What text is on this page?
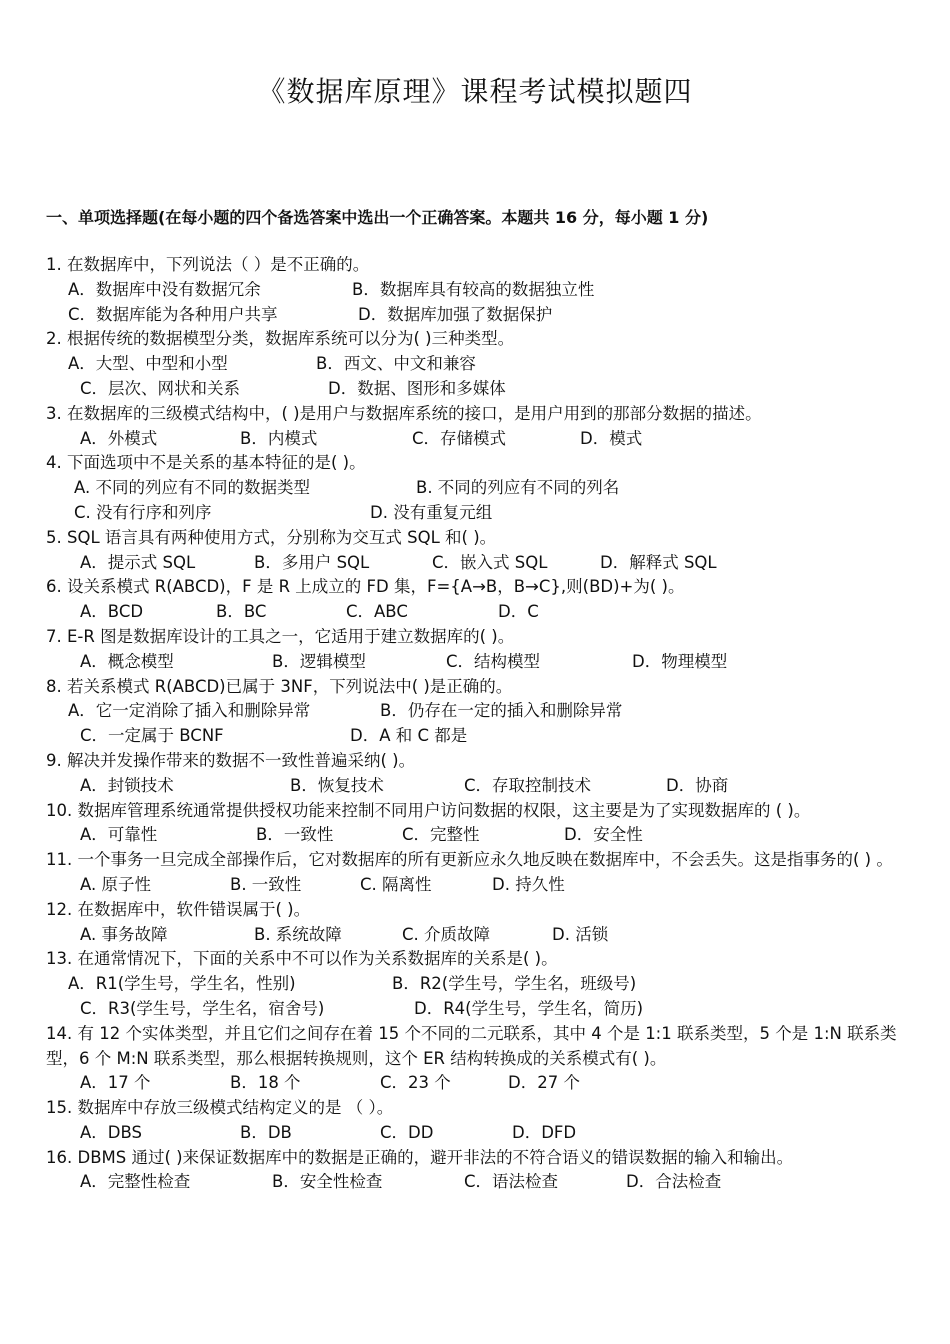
《数据库原理》课程考试模拟题四
一、单项选择题(在每小题的四个备选答案中选出一个正确答案。本题共 16 分，每小题 1 分)
1. 在数据库中，下列说法（ ）是不正确的。
A．数据库中没有数据冗余	B．数据库具有较高的数据独立性
C．数据库能为各种用户共享	D．数据库加强了数据保护
2. 根据传统的数据模型分类，数据库系统可以分为( )三种类型。
A．大型、中型和小型	B．西文、中文和兼容
C．层次、网状和关系	D．数据、图形和多媒体
3. 在数据库的三级模式结构中，( )是用户与数据库系统的接口，是用户用到的那部分数据的描述。
A．外模式	B．内模式	C．存储模式	D．模式
4. 下面选项中不是关系的基本特征的是( )。
A. 不同的列应有不同的数据类型	B. 不同的列应有不同的列名
C. 没有行序和列序	D. 没有重复元组
5. SQL 语言具有两种使用方式，分别称为交互式 SQL 和( )。
A．提示式 SQL	B．多用户 SQL	C．嵌入式 SQL	D．解释式 SQL
6. 设关系模式 R(ABCD)，F 是 R 上成立的 FD 集，F={A→B，B→C},则(BD)+为( )。
A．BCD	B．BC	C．ABC	D．C
7. E-R 图是数据库设计的工具之一，它适用于建立数据库的( )。
A．概念模型	B．逻辑模型	C．结构模型	D．物理模型
8. 若关系模式 R(ABCD)已属于 3NF，下列说法中( )是正确的。
A．它一定消除了插入和删除异常	B．仍存在一定的插入和删除异常
C．一定属于 BCNF	D．A 和 C 都是
9. 解决并发操作带来的数据不一致性普遍采纳( )。
A．封锁技术	B．恢复技术	C．存取控制技术	D．协商
10. 数据库管理系统通常提供授权功能来控制不同用户访问数据的权限，这主要是为了实现数据库的 ( )。
A．可靠性	B．一致性	C．完整性	D．安全性
11. 一个事务一旦完成全部操作后，它对数据库的所有更新应永久地反映在数据库中，不会丢失。这是指事务的( ) 。
A. 原子性	B. 一致性	C. 隔离性	D. 持久性
12. 在数据库中，软件错误属于( )。
A. 事务故障	B. 系统故障	C. 介质故障	D. 活锁
13. 在通常情况下，下面的关系中不可以作为关系数据库的关系是( )。
A．R1(学生号，学生名，性别)	B．R2(学生号，学生名，班级号)
C．R3(学生号，学生名，宿舍号)	D．R4(学生号，学生名，简历)
14. 有 12 个实体类型，并且它们之间存在着 15 个不同的二元联系，其中 4 个是 1:1 联系类型，5 个是 1:N 联系类型，6 个 M:N 联系类型，那么根据转换规则，这个 ER 结构转换成的关系模式有( )。
A．17 个	B．18 个	C．23 个	D．27 个
15. 数据库中存放三级模式结构定义的是 （ ）。
A．DBS	B．DB	C．DD	D．DFD
16. DBMS 通过( )来保证数据库中的数据是正确的，避开非法的不符合语义的错误数据的输入和输出。
A．完整性检查	B．安全性检查	C．语法检查	D．合法检查
